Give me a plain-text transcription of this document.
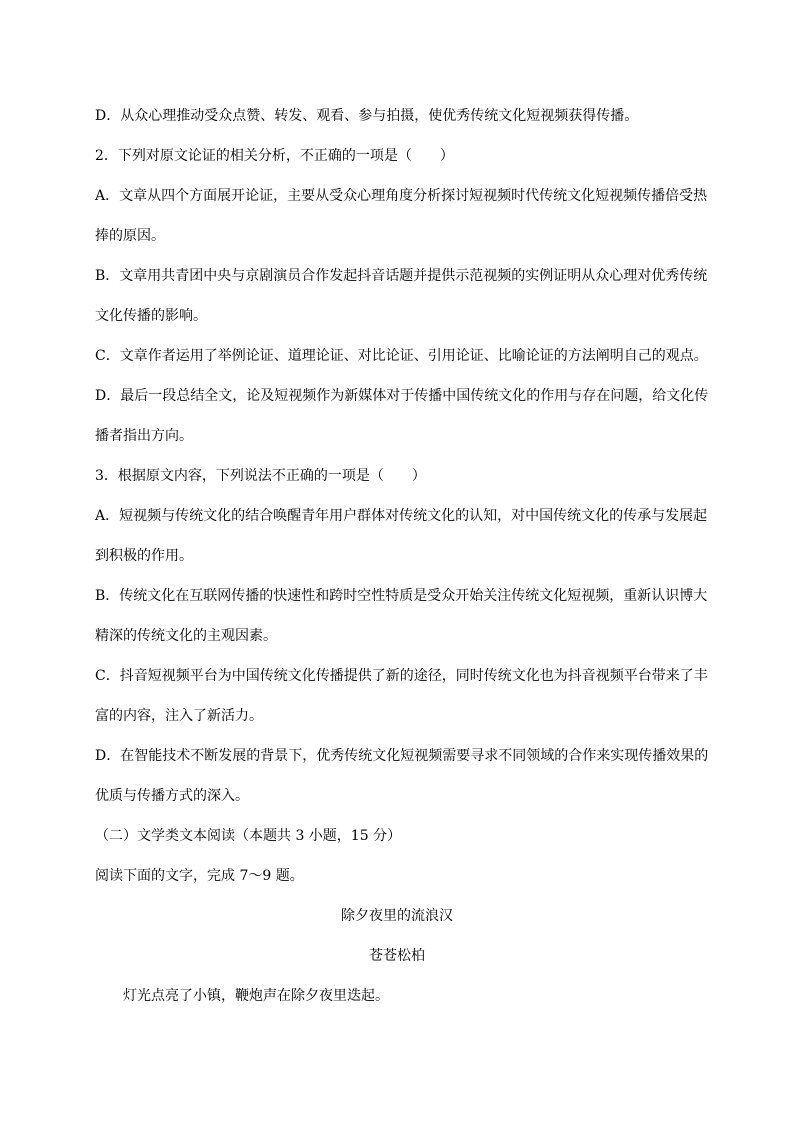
D．从众心理推动受众点赞、转发、观看、参与拍摄，使优秀传统文化短视频获得传播。
2．下列对原文论证的相关分析，不正确的一项是（　　）
A．文章从四个方面展开论证，主要从受众心理角度分析探讨短视频时代传统文化短视频传播倍受热
捧的原因。
B．文章用共青团中央与京剧演员合作发起抖音话题并提供示范视频的实例证明从众心理对优秀传统
文化传播的影响。
C．文章作者运用了举例论证、道理论证、对比论证、引用论证、比喻论证的方法阐明自己的观点。
D．最后一段总结全文，论及短视频作为新媒体对于传播中国传统文化的作用与存在问题，给文化传
播者指出方向。
3．根据原文内容，下列说法不正确的一项是（　　）
A．短视频与传统文化的结合唤醒青年用户群体对传统文化的认知，对中国传统文化的传承与发展起
到积极的作用。
B．传统文化在互联网传播的快速性和跨时空性特质是受众开始关注传统文化短视频，重新认识博大
精深的传统文化的主观因素。
C．抖音短视频平台为中国传统文化传播提供了新的途径，同时传统文化也为抖音视频平台带来了丰
富的内容，注入了新活力。
D．在智能技术不断发展的背景下，优秀传统文化短视频需要寻求不同领域的合作来实现传播效果的
优质与传播方式的深入。
（二）文学类文本阅读（本题共 3 小题，15 分）
阅读下面的文字，完成 7～9 题。
除夕夜里的流浪汉
苍苍松柏
灯光点亮了小镇，鞭炮声在除夕夜里迭起。
